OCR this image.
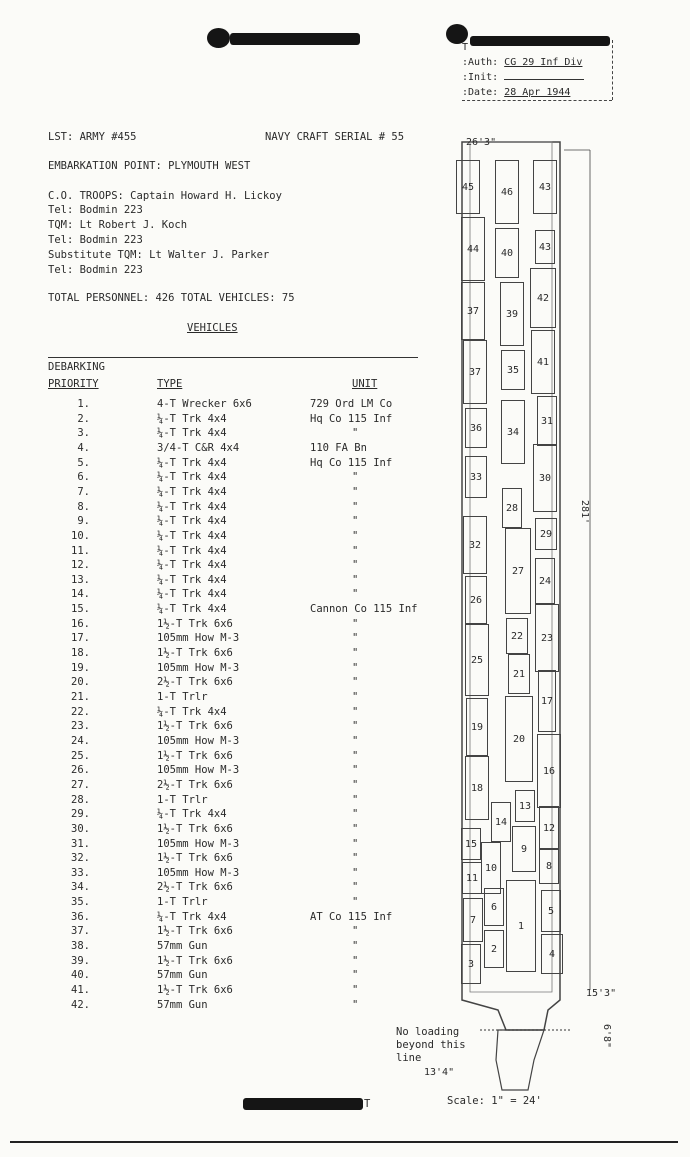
T
:Auth: CG 29 Inf Div
:Init:
:Date: 28 Apr 1944
LST: ARMY #455	NAVY CRAFT SERIAL # 55
EMBARKATION POINT: PLYMOUTH WEST
C.O. TROOPS: Captain Howard H. Lickoy
Tel: Bodmin 223
TQM: Lt Robert J. Koch
Tel: Bodmin 223
Substitute TQM: Lt Walter J. Parker
Tel: Bodmin 223
TOTAL PERSONNEL: 426 TOTAL VEHICLES: 75
VEHICLES
DEBARKING
PRIORITY	TYPE	UNIT
1.	4-T Wrecker 6x6	729 Ord LM Co
2.	¼-T Trk 4x4	Hq Co 115 Inf
3.	¼-T Trk 4x4	"
4.	3/4-T C&R 4x4	110 FA Bn
5.	¼-T Trk 4x4	Hq Co 115 Inf
6.	¼-T Trk 4x4	"
7.	¼-T Trk 4x4	"
8.	¼-T Trk 4x4	"
9.	¼-T Trk 4x4	"
10.	¼-T Trk 4x4	"
11.	¼-T Trk 4x4	"
12.	¼-T Trk 4x4	"
13.	¼-T Trk 4x4	"
14.	¼-T Trk 4x4	"
15.	¼-T Trk 4x4	Cannon Co 115 Inf
16.	1½-T Trk 6x6	"
17.	105mm How M-3	"
18.	1½-T Trk 6x6	"
19.	105mm How M-3	"
20.	2½-T Trk 6x6	"
21.	1-T Trlr	"
22.	¼-T Trk 4x4	"
23.	1½-T Trk 6x6	"
24.	105mm How M-3	"
25.	1½-T Trk 6x6	"
26.	105mm How M-3	"
27.	2½-T Trk 6x6	"
28.	1-T Trlr	"
29.	¼-T Trk 4x4	"
30.	1½-T Trk 6x6	"
31.	105mm How M-3	"
32.	1½-T Trk 6x6	"
33.	105mm How M-3	"
34.	2½-T Trk 6x6	"
35.	1-T Trlr	"
36.	¼-T Trk 4x4	AT Co 115 Inf
37.	1½-T Trk 6x6	"
38.	57mm Gun	"
39.	1½-T Trk 6x6	"
40.	57mm Gun	"
41.	1½-T Trk 6x6	"
42.	57mm Gun	"
45	46	43
44	40
43
37	39
42
37	35
41
36	34
31
33	30
28
29
32
27
26
24
22	23
25
21
17
19
20
18
16
14
13
12
15	9
10	8
11
6	5
7
1
2	4
3
26'3"
281'
15'3"
6'8"
No loading
beyond this
line
13'4"
Scale: 1" = 24'
T
